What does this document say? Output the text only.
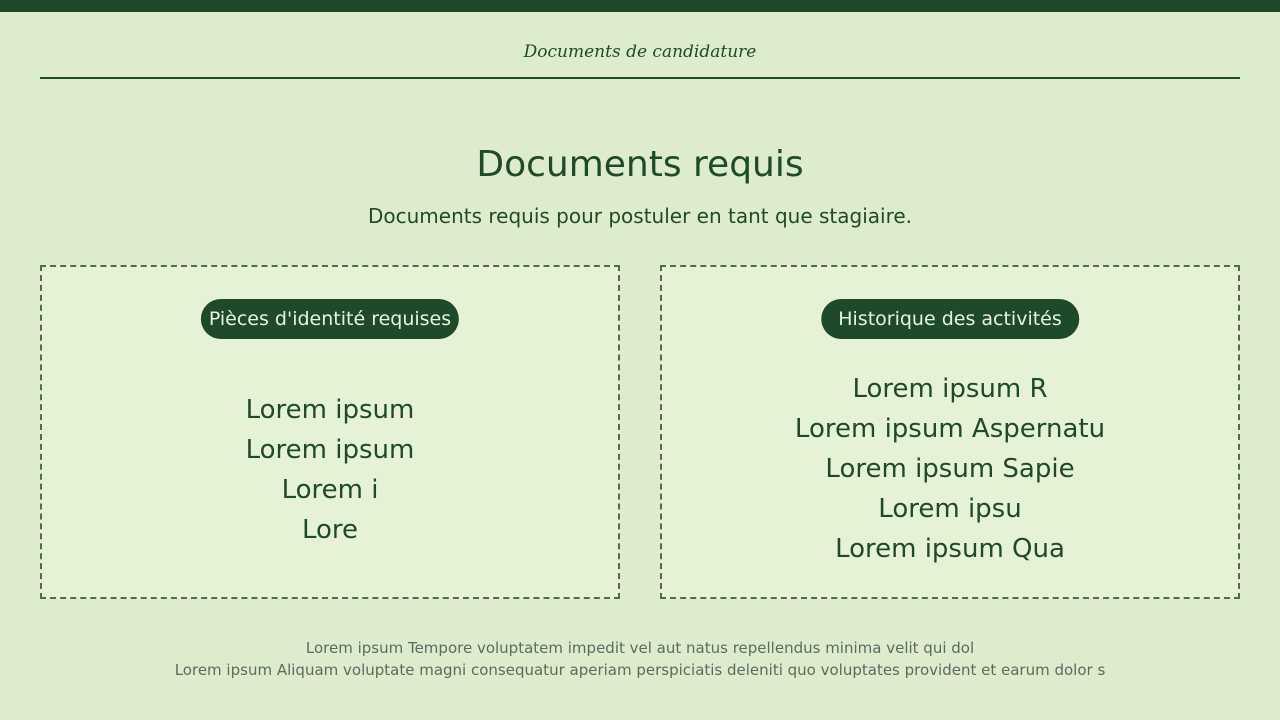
Documents de candidature
Documents requis
Documents requis pour postuler en tant que stagiaire.
Pièces d'identité requises
Lorem ipsum
Lorem ipsum
Lorem i
Lore
Historique des activités
Lorem ipsum R
Lorem ipsum Aspernatu
Lorem ipsum Sapie
Lorem ipsu
Lorem ipsum Qua
Lorem ipsum Tempore voluptatem impedit vel aut natus repellendus minima velit qui dol
Lorem ipsum Aliquam voluptate magni consequatur aperiam perspiciatis deleniti quo voluptates provident et earum dolor s
